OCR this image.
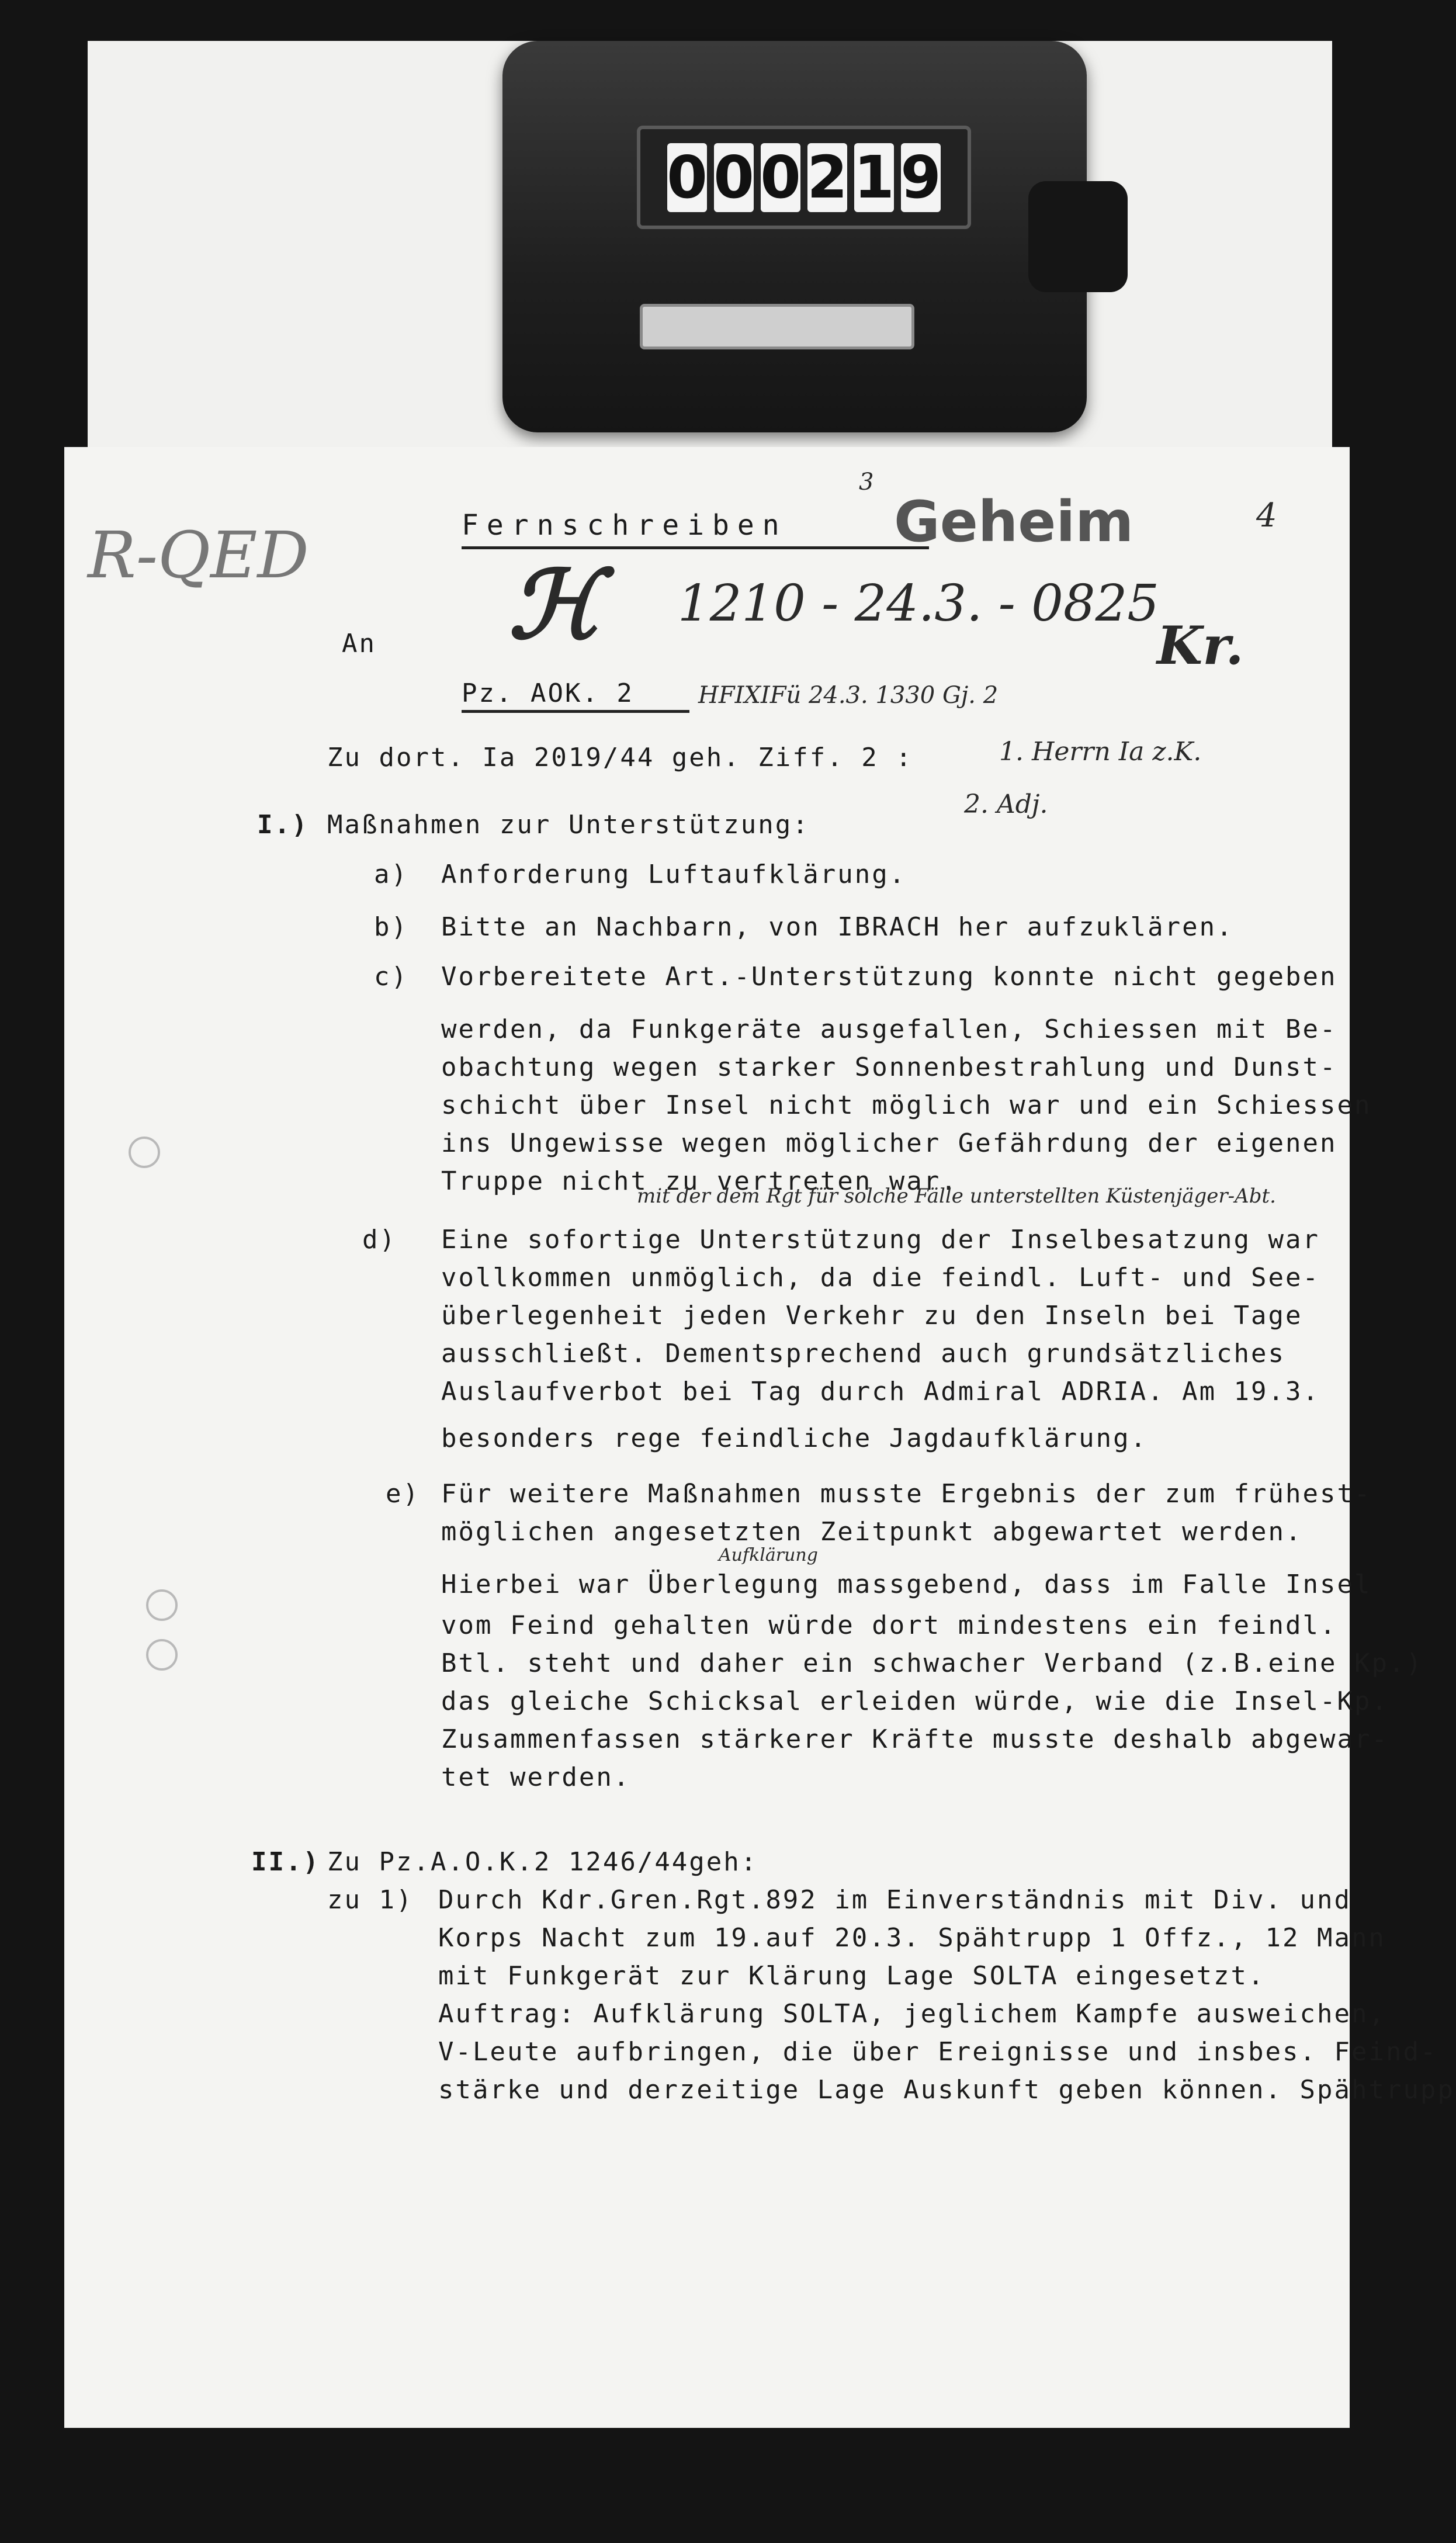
0 0 0 2 1 9
R-QED	Fernschreiben
3
Geheim	4
1210 - 24.3. - 0825
ℋ
An	Kr.
Pz. AOK. 2	HFIXIFü 24.3. 1330 Gj. 2
Zu dort. Ia 2019/44 geh. Ziff. 2 :	1. Herrn Ia z.K.
2. Adj.
I.) Maßnahmen zur Unterstützung:
a) Anforderung Luftaufklärung.
b) Bitte an Nachbarn, von IBRACH her aufzuklären.
c) Vorbereitete Art.-Unterstützung konnte nicht gegeben
werden, da Funkgeräte ausgefallen, Schiessen mit Be-
obachtung wegen starker Sonnenbestrahlung und Dunst-
schicht über Insel nicht möglich war und ein Schiessen
ins Ungewisse wegen möglicher Gefährdung der eigenen
Truppe nicht zu vertreten war.
mit der dem Rgt für solche Fälle unterstellten Küstenjäger-Abt.
d) Eine sofortige Unterstützung der Inselbesatzung war
vollkommen unmöglich, da die feindl. Luft- und See-
überlegenheit jeden Verkehr zu den Inseln bei Tage
ausschließt. Dementsprechend auch grundsätzliches
Auslaufverbot bei Tag durch Admiral ADRIA. Am 19.3.
besonders rege feindliche Jagdaufklärung.
e) Für weitere Maßnahmen musste Ergebnis der zum frühest-
möglichen angesetzten Zeitpunkt abgewartet werden.
Aufklärung
Hierbei war Überlegung massgebend, dass im Falle Insel
vom Feind gehalten würde dort mindestens ein feindl.
Btl. steht und daher ein schwacher Verband (z.B.eine Kp.)
das gleiche Schicksal erleiden würde, wie die Insel-Kp.
Zusammenfassen stärkerer Kräfte musste deshalb abgewar-
tet werden.
II.) Zu Pz.A.O.K.2 1246/44geh:
zu 1) Durch Kdr.Gren.Rgt.892 im Einverständnis mit Div. und
Korps Nacht zum 19.auf 20.3. Spähtrupp 1 Offz., 12 Mann
mit Funkgerät zur Klärung Lage SOLTA eingesetzt.
Auftrag: Aufklärung SOLTA, jeglichem Kampfe ausweichen,
V-Leute aufbringen, die über Ereignisse und insbes. Feind-
stärke und derzeitige Lage Auskunft geben können. Spähtrupp
